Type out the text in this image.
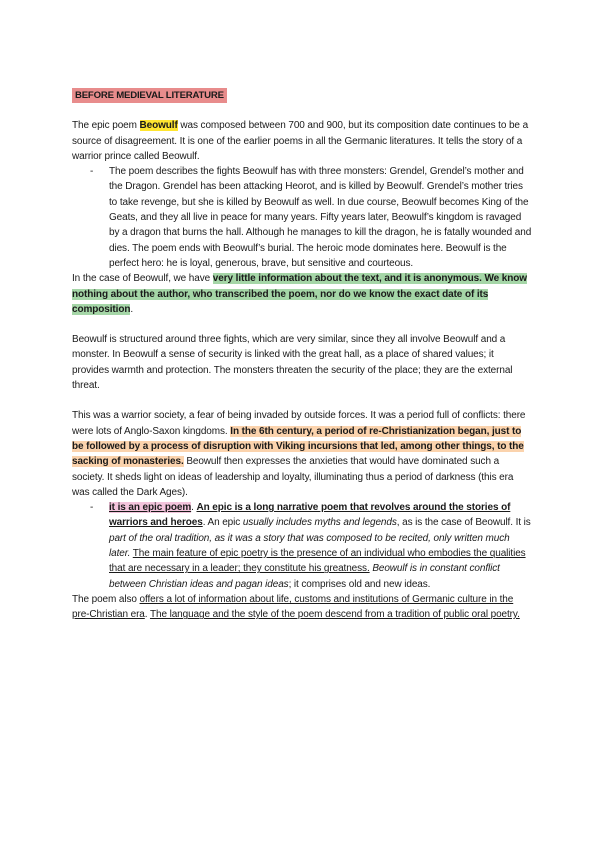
BEFORE MEDIEVAL LITERATURE

The epic poem Beowulf was composed between 700 and 900, but its composition date continues to be a source of disagreement. It is one of the earlier poems in all the Germanic literatures. It tells the story of a warrior prince called Beowulf.

- The poem describes the fights Beowulf has with three monsters: Grendel, Grendel’s mother and the Dragon. Grendel has been attacking Heorot, and is killed by Beowulf. Grendel’s mother tries to take revenge, but she is killed by Beowulf as well. In due course, Beowulf becomes King of the Geats, and they all live in peace for many years. Fifty years later, Beowulf’s kingdom is ravaged by a dragon that burns the hall. Although he manages to kill the dragon, he is fatally wounded and dies. The poem ends with Beowulf’s burial. The heroic mode dominates here. Beowulf is the perfect hero: he is loyal, generous, brave, but sensitive and courteous.

In the case of Beowulf, we have very little information about the text, and it is anonymous. We know nothing about the author, who transcribed the poem, nor do we know the exact date of its composition.

Beowulf is structured around three fights, which are very similar, since they all involve Beowulf and a monster. In Beowulf a sense of security is linked with the great hall, as a place of shared values; it provides warmth and protection. The monsters threaten the security of the place; they are the external threat.

This was a warrior society, a fear of being invaded by outside forces. It was a period full of conflicts: there were lots of Anglo-Saxon kingdoms. In the 6th century, a period of re-Christianization began, just to be followed by a process of disruption with Viking incursions that led, among other things, to the sacking of monasteries. Beowulf then expresses the anxieties that would have dominated such a society. It sheds light on ideas of leadership and loyalty, illuminating thus a period of darkness (this era was called the Dark Ages).

- it is an epic poem. An epic is a long narrative poem that revolves around the stories of warriors and heroes. An epic usually includes myths and legends, as is the case of Beowulf. It is part of the oral tradition, as it was a story that was composed to be recited, only written much later. The main feature of epic poetry is the presence of an individual who embodies the qualities that are necessary in a leader; they constitute his greatness. Beowulf is in constant conflict between Christian ideas and pagan ideas; it comprises old and new ideas.

The poem also offers a lot of information about life, customs and institutions of Germanic culture in the pre-Christian era. The language and the style of the poem descend from a tradition of public oral poetry.
